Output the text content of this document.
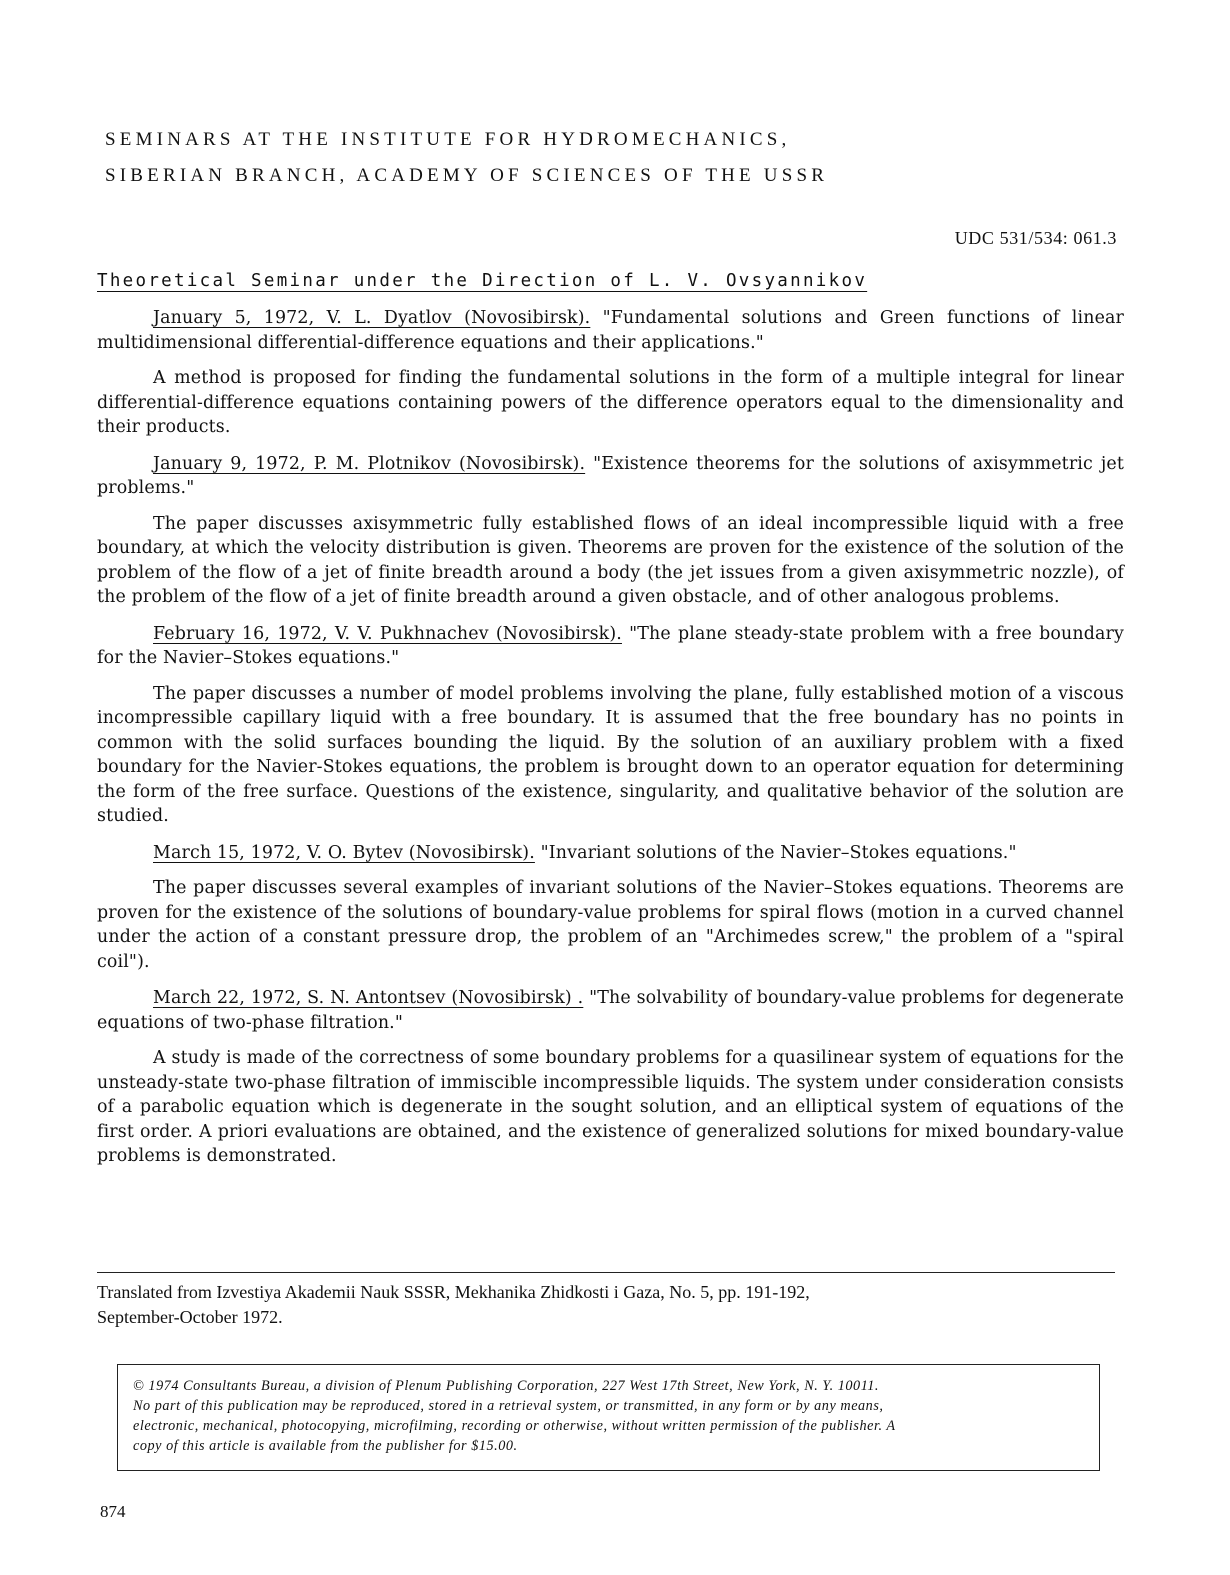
SEMINARS AT THE INSTITUTE FOR HYDROMECHANICS,
SIBERIAN BRANCH, ACADEMY OF SCIENCES OF THE USSR
UDC 531/534: 061.3
Theoretical Seminar under the Direction of L. V. Ovsyannikov

January 5, 1972, V. L. Dyatlov (Novosibirsk). "Fundamental solutions and Green functions of linear multidimensional differential-difference equations and their applications."

A method is proposed for finding the fundamental solutions in the form of a multiple integral for linear differential-difference equations containing powers of the difference operators equal to the dimensionality and their products.

January 9, 1972, P. M. Plotnikov (Novosibirsk). "Existence theorems for the solutions of axisymmetric jet problems."

The paper discusses axisymmetric fully established flows of an ideal incompressible liquid with a free boundary, at which the velocity distribution is given. Theorems are proven for the existence of the solution of the problem of the flow of a jet of finite breadth around a body (the jet issues from a given axisymmetric nozzle), of the problem of the flow of a jet of finite breadth around a given obstacle, and of other analogous problems.

February 16, 1972, V. V. Pukhnachev (Novosibirsk). "The plane steady-state problem with a free boundary for the Navier–Stokes equations."

The paper discusses a number of model problems involving the plane, fully established motion of a viscous incompressible capillary liquid with a free boundary. It is assumed that the free boundary has no points in common with the solid surfaces bounding the liquid. By the solution of an auxiliary problem with a fixed boundary for the Navier-Stokes equations, the problem is brought down to an operator equation for determining the form of the free surface. Questions of the existence, singularity, and qualitative behavior of the solution are studied.

March 15, 1972, V. O. Bytev (Novosibirsk). "Invariant solutions of the Navier–Stokes equations."

The paper discusses several examples of invariant solutions of the Navier–Stokes equations. Theorems are proven for the existence of the solutions of boundary-value problems for spiral flows (motion in a curved channel under the action of a constant pressure drop, the problem of an "Archimedes screw," the problem of a "spiral coil").

March 22, 1972, S. N. Antontsev (Novosibirsk) . "The solvability of boundary-value problems for degenerate equations of two-phase filtration."

A study is made of the correctness of some boundary problems for a quasilinear system of equations for the unsteady-state two-phase filtration of immiscible incompressible liquids. The system under consideration consists of a parabolic equation which is degenerate in the sought solution, and an elliptical system of equations of the first order. A priori evaluations are obtained, and the existence of generalized solutions for mixed boundary-value problems is demonstrated.

Translated from Izvestiya Akademii Nauk SSSR, Mekhanika Zhidkosti i Gaza, No. 5, pp. 191-192,
September-October 1972.
© 1974 Consultants Bureau, a division of Plenum Publishing Corporation, 227 West 17th Street, New York, N. Y. 10011.
No part of this publication may be reproduced, stored in a retrieval system, or transmitted, in any form or by any means,
electronic, mechanical, photocopying, microfilming, recording or otherwise, without written permission of the publisher. A
copy of this article is available from the publisher for $15.00.
874
